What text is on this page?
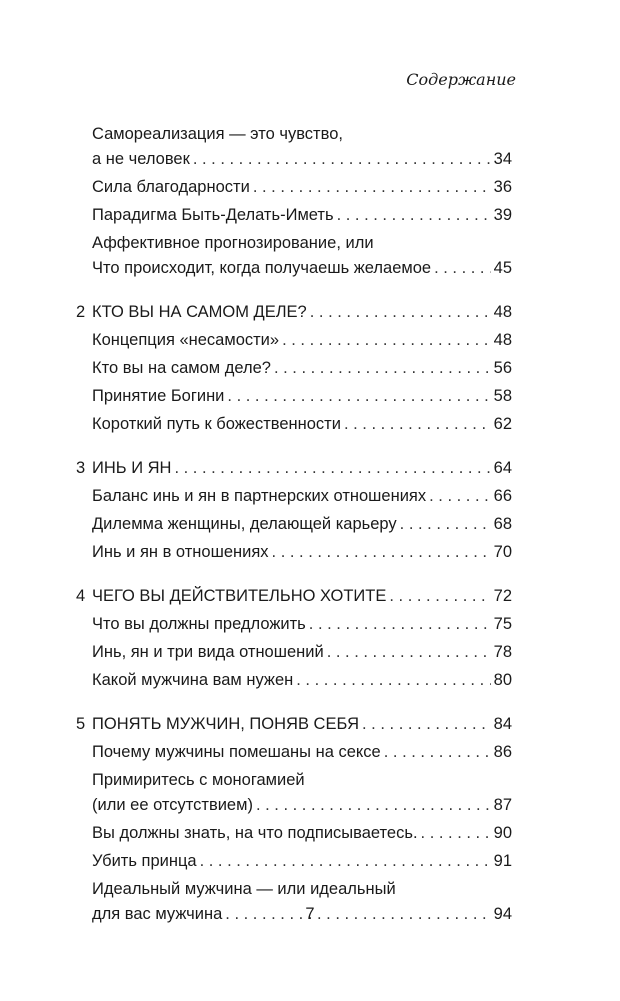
Содержание
Самореализация — это чувство,
а не человек . . .	34
Сила благодарности . . .	36
Парадигма Быть-Делать-Иметь . . .	39
Аффективное прогнозирование, или
Что происходит, когда получаешь желаемое . . .	45
2 КТО ВЫ НА САМОМ ДЕЛЕ? . . .	48
Концепция «несамости» . . .	48
Кто вы на самом деле? . . .	56
Принятие Богини . . .	58
Короткий путь к божественности . . .	62
3 ИНЬ И ЯН . . .	64
Баланс инь и ян в партнерских отношениях . . .	66
Дилемма женщины, делающей карьеру . . .	68
Инь и ян в отношениях . . .	70
4 ЧЕГО ВЫ ДЕЙСТВИТЕЛЬНО ХОТИТЕ . . .	72
Что вы должны предложить . . .	75
Инь, ян и три вида отношений . . .	78
Какой мужчина вам нужен . . .	80
5 ПОНЯТЬ МУЖЧИН, ПОНЯВ СЕБЯ . . .	84
Почему мужчины помешаны на сексе . . .	86
Примиритесь с моногамией
(или ее отсутствием) . . .	87
Вы должны знать, на что подписываетесь. . . .	90
Убить принца . . .	91
Идеальный мужчина — или идеальный
для вас мужчина . . .	94
7
